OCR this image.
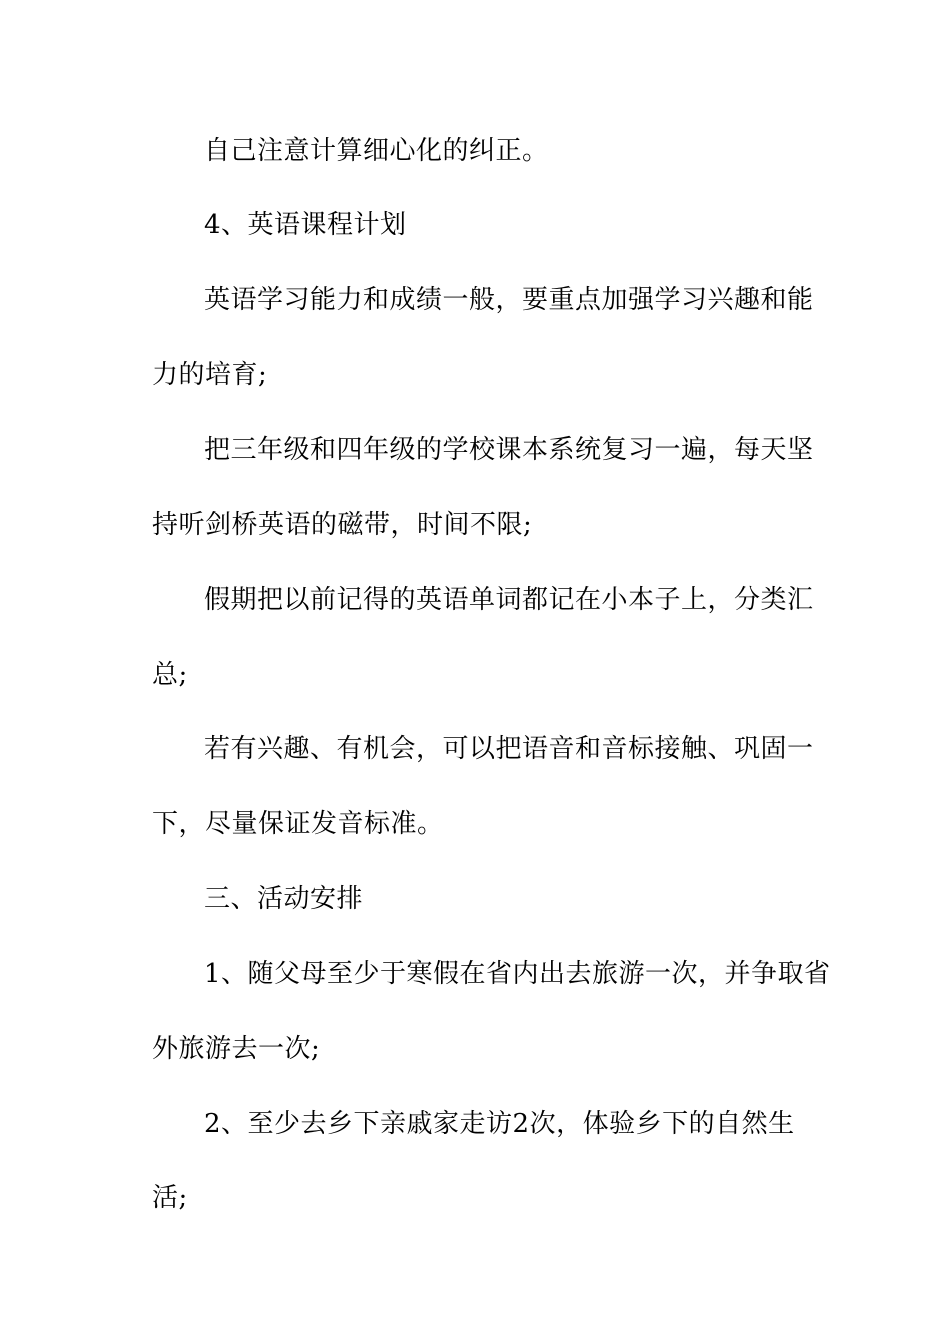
自己注意计算细心化的纠正。
4、英语课程计划
英语学习能力和成绩一般，要重点加强学习兴趣和能
力的培育;
把三年级和四年级的学校课本系统复习一遍，每天坚
持听剑桥英语的磁带，时间不限;
假期把以前记得的英语单词都记在小本子上，分类汇
总;
若有兴趣、有机会，可以把语音和音标接触、巩固一
下，尽量保证发音标准。
三、活动安排
1、随父母至少于寒假在省内出去旅游一次，并争取省
外旅游去一次;
2、至少去乡下亲戚家走访2次，体验乡下的自然生
活;
